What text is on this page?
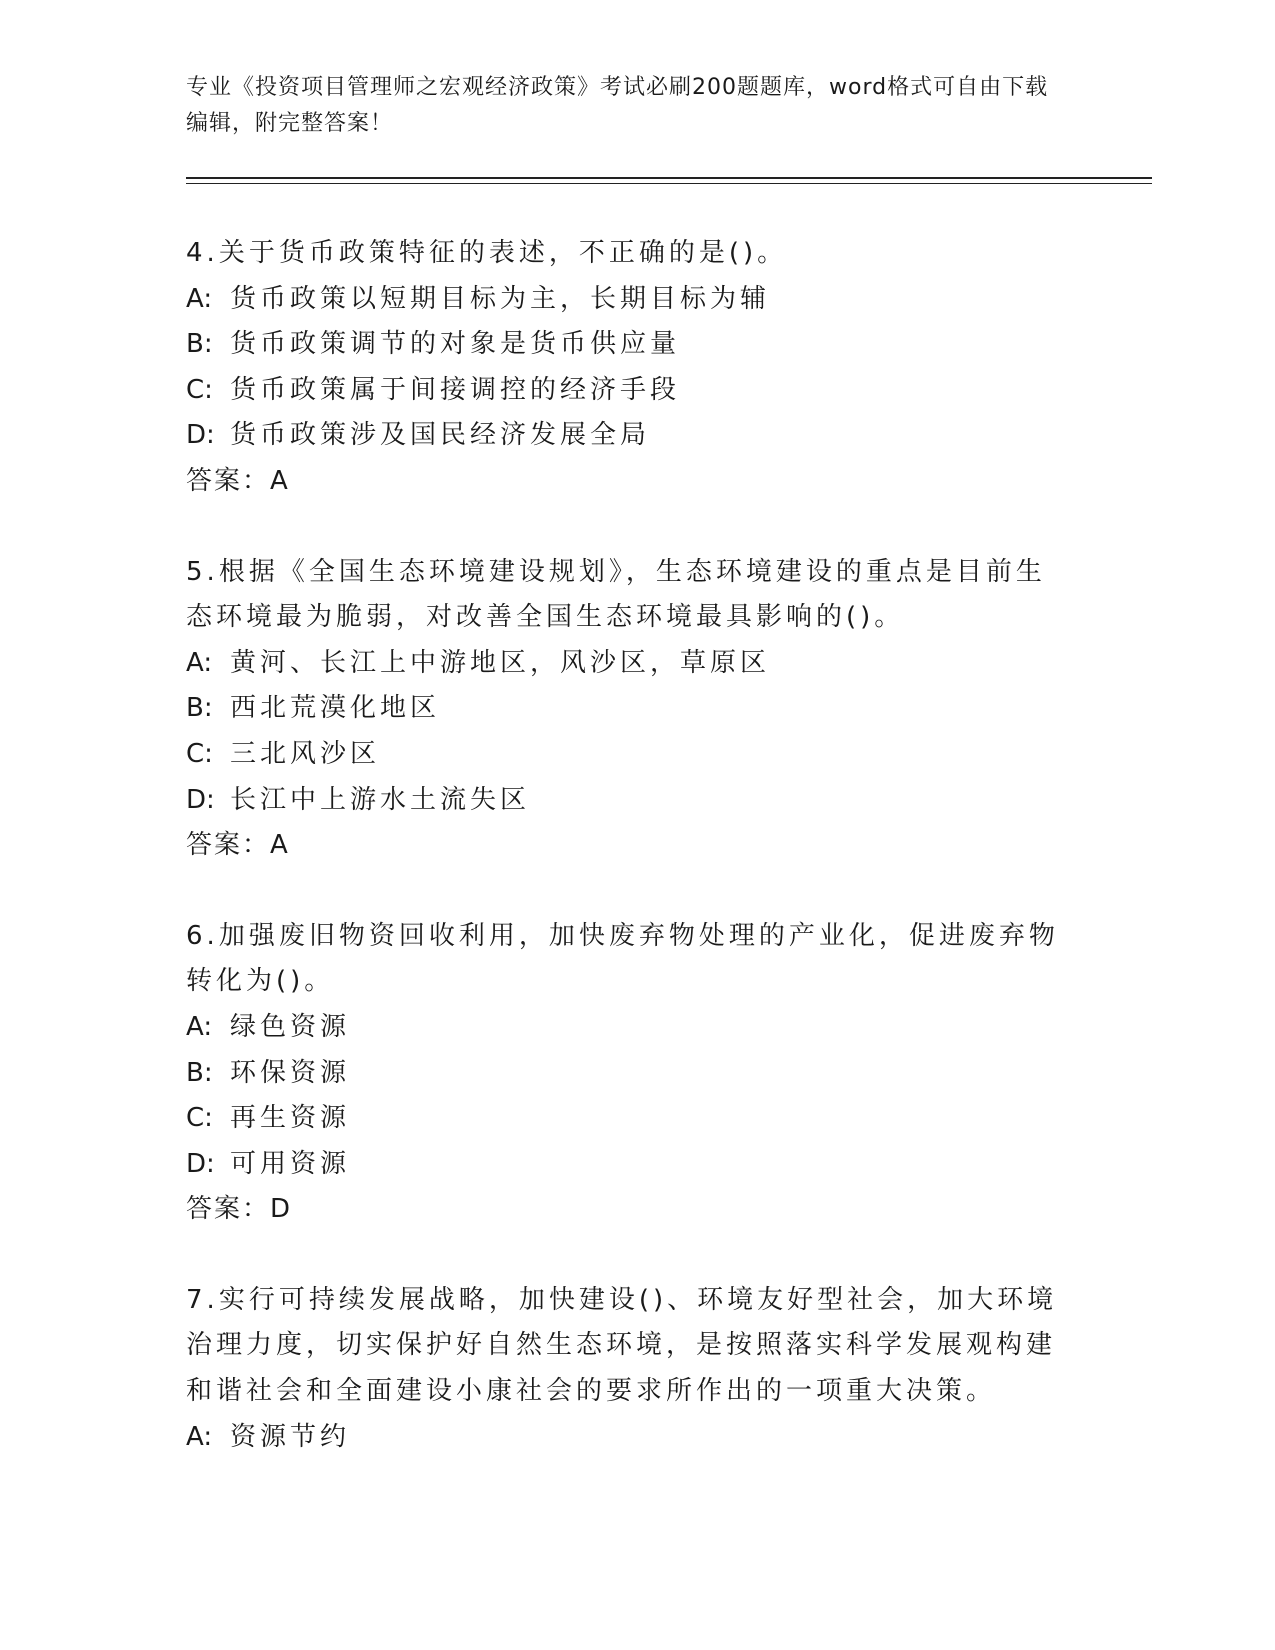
专业《投资项目管理师之宏观经济政策》考试必刷200题题库，word格式可自由下载编辑，附完整答案！

4.关于货币政策特征的表述，不正确的是()。

A: 货币政策以短期目标为主，长期目标为辅

B: 货币政策调节的对象是货币供应量

C: 货币政策属于间接调控的经济手段

D: 货币政策涉及国民经济发展全局

答案：A

5.根据《全国生态环境建设规划》，生态环境建设的重点是目前生态环境最为脆弱，对改善全国生态环境最具影响的()。

A: 黄河、长江上中游地区，风沙区，草原区

B: 西北荒漠化地区

C: 三北风沙区

D: 长江中上游水土流失区

答案：A

6.加强废旧物资回收利用，加快废弃物处理的产业化，促进废弃物转化为()。

A: 绿色资源

B: 环保资源

C: 再生资源

D: 可用资源

答案：D

7.实行可持续发展战略，加快建设()、环境友好型社会，加大环境治理力度，切实保护好自然生态环境，是按照落实科学发展观构建和谐社会和全面建设小康社会的要求所作出的一项重大决策。

A: 资源节约
